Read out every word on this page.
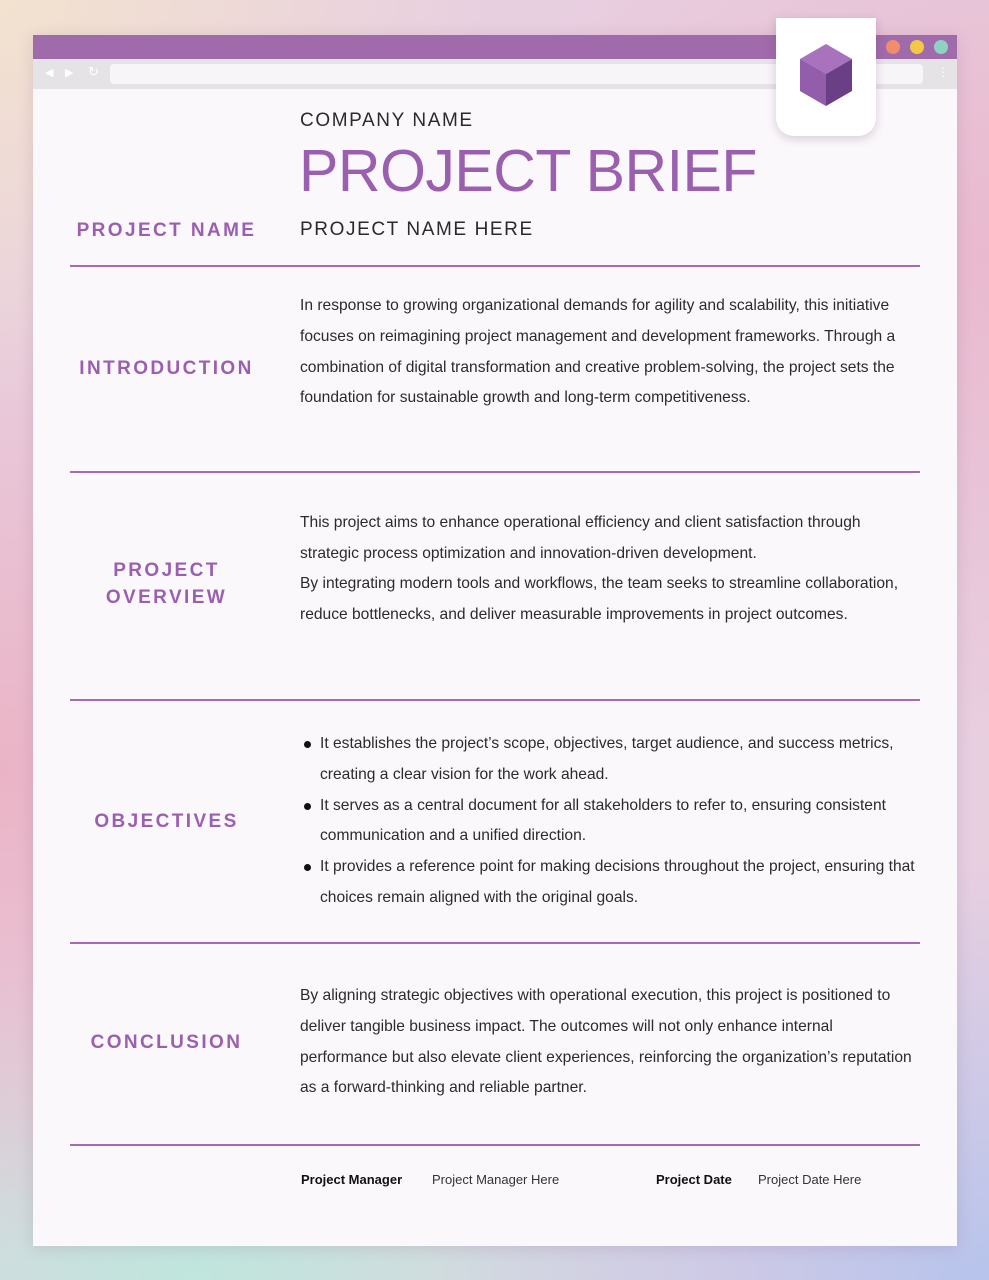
◀ ▶ ↻	⋮
COMPANY NAME
PROJECT BRIEF
PROJECT NAME	PROJECT NAME HERE
INTRODUCTION

In response to growing organizational demands for agility and scalability, this initiative focuses on reimagining project management and development frameworks. Through a combination of digital transformation and creative problem-solving, the project sets the foundation for sustainable growth and long-term competitiveness.

PROJECT
OVERVIEW

This project aims to enhance operational efficiency and client satisfaction through strategic process optimization and innovation-driven development.

By integrating modern tools and workflows, the team seeks to streamline collaboration, reduce bottlenecks, and deliver measurable improvements in project outcomes.

OBJECTIVES
It establishes the project’s scope, objectives, target audience, and success metrics, creating a clear vision for the work ahead.
It serves as a central document for all stakeholders to refer to, ensuring consistent communication and a unified direction.
It provides a reference point for making decisions throughout the project, ensuring that choices remain aligned with the original goals.
CONCLUSION

By aligning strategic objectives with operational execution, this project is positioned to deliver tangible business impact. The outcomes will not only enhance internal performance but also elevate client experiences, reinforcing the organization’s reputation as a forward-thinking and reliable partner.

Project Manager Project Manager Here	Project Date Project Date Here
